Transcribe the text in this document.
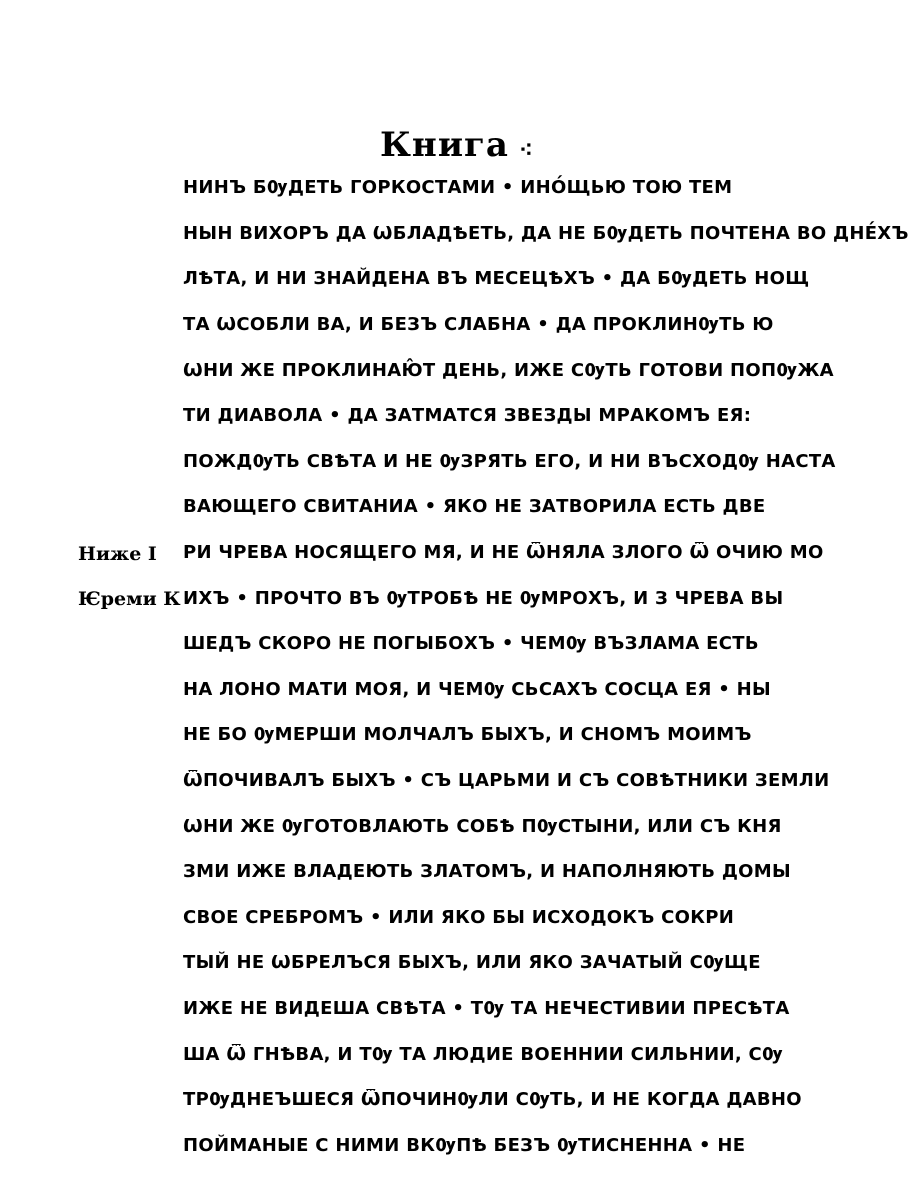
Книга ⁖
Ниже І
Ѥреми К
НИНЪ БѸДЕТЬ ГОРКОСТАМИ • ИНО́ЩЬЮ ТОЮ ТЕМ
НЫН ВИХОРЪ ДА ѠБЛАДѢЕТЬ, ДА НЕ БѸДЕТЬ ПОЧТЕНА ВО ДНЕ́ХЪ
ЛѢТА, И НИ ЗНАЙДЕНА ВЪ МЕСЕЦѢХЪ • ДА БѸДЕТЬ НОЩ
ТА ѠСОБЛИ ВА, И БЕЗЪ СЛАБНА • ДА ПРОКЛИНѸТЬ Ю
ѠНИ ЖЕ ПРОКЛИНАЮ̂Т ДЕНЬ, ИЖЕ СѸТЬ ГОТОВИ ПОПѸЖА
ТИ ДИАВОЛА • ДА ЗАТМАТСЯ ЗВЕЗДЫ МРАКОМЪ ЕЯ:
ПОЖДѸТЬ СВѢТА И НЕ ѸЗРЯТЬ ЕГО, И НИ ВЪСХОДѸ НАСТА
ВАЮЩЕГО СВИТАНИА • ЯКО НЕ ЗАТВОРИЛА ЕСТЬ ДВЕ
РИ ЧРЕВА НОСЯЩЕГО МЯ, И НЕ ѾНЯЛА ЗЛОГО Ѿ ОЧИЮ МО
ИХЪ • ПРОЧТО ВЪ ѸТРОБѢ НЕ ѸМРОХЪ, И З ЧРЕВА ВЫ
ШЕДЪ СКОРО НЕ ПОГЫБОХЪ • ЧЕМѸ ВЪЗЛАМА ЕСТЬ
НА ЛОНО МАТИ МОЯ, И ЧЕМѸ СЬСАХЪ СОСЦА ЕЯ • НЫ
НЕ БО ѸМЕРШИ МОЛЧАЛЪ БЫХЪ, И СНОМЪ МОИМЪ
ѾПОЧИВАЛЪ БЫХЪ • СЪ ЦАРЬМИ И СЪ СОВѢТНИКИ ЗЕМЛИ
ѠНИ ЖЕ ѸГОТОВЛАЮТЬ СОБѢ ПѸСТЫНИ, ИЛИ СЪ КНЯ
ЗМИ ИЖЕ ВЛАДЕЮТЬ ЗЛАТОМЪ, И НАПОЛНЯЮТЬ ДОМЫ
СВОЕ СРЕБРОМЪ • ИЛИ ЯКО БЫ ИСХОДОКЪ СОКРИ
ТЫЙ НЕ ѠБРЕЛЪСЯ БЫХЪ, ИЛИ ЯКО ЗАЧАТЫЙ СѸЩЕ
ИЖЕ НЕ ВИДЕША СВѢТА • ТѸ ТА НЕЧЕСТИВИИ ПРЕСѢТА
ША Ѿ ГНѢВА, И ТѸ ТА ЛЮДИЕ ВОЕННИИ СИЛЬНИИ, СѸ
ТРѸДНЕЪШЕСЯ ѾПОЧИНѸЛИ СѸТЬ, И НЕ КОГДА ДАВНО
ПОЙМАНЫЕ С НИМИ ВКѸПѢ БЕЗЪ ѸТИСНЕННА • НЕ
